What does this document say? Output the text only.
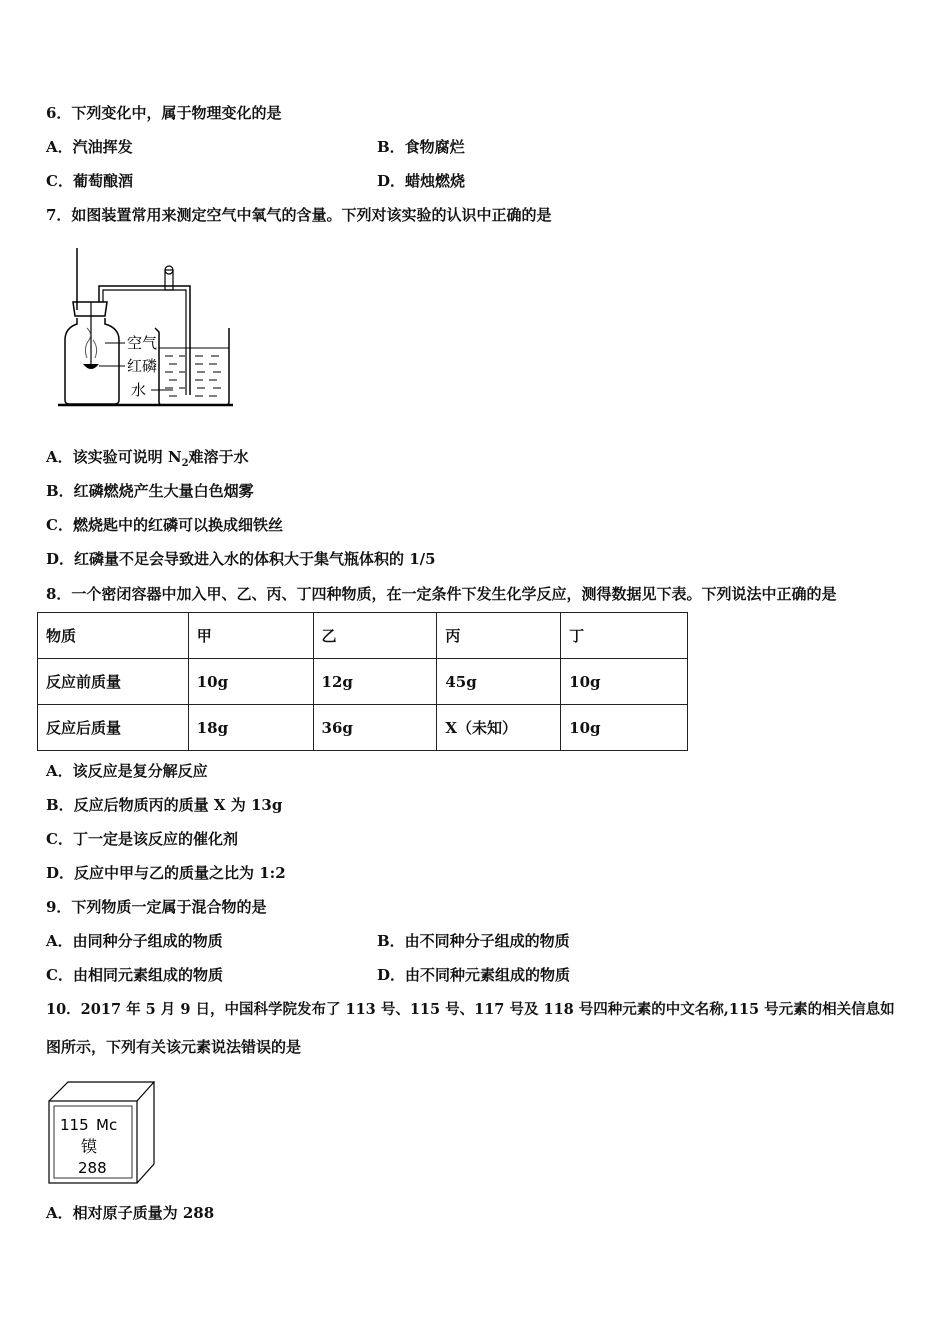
6．下列变化中，属于物理变化的是
A．汽油挥发	B．食物腐烂
C．葡萄酿酒	D．蜡烛燃烧
7．如图装置常用来测定空气中氧气的含量。下列对该实验的认识中正确的是
空气
红磷
水
A．该实验可说明 $N_2$难溶于水
B．红磷燃烧产生大量白色烟雾
C．燃烧匙中的红磷可以换成细铁丝
D．红磷量不足会导致进入水的体积大于集气瓶体积的 1/5
8．一个密闭容器中加入甲、乙、丙、丁四种物质，在一定条件下发生化学反应，测得数据见下表。下列说法中正确的是
物质	甲	乙	丙	丁
反应前质量	10g	12g	45g	10g
反应后质量	18g	36g	X（未知）	10g
A．该反应是复分解反应
B．反应后物质丙的质量 X 为 13g
C．丁一定是该反应的催化剂
D．反应中甲与乙的质量之比为 1:2
9．下列物质一定属于混合物的是
A．由同种分子组成的物质	B．由不同种分子组成的物质
C．由相同元素组成的物质	D．由不同种元素组成的物质
10．2017 年 5 月 9 日，中国科学院发布了 113 号、115 号、117 号及 118 号四种元素的中文名称,115 号元素的相关信息如
图所示，下列有关该元素说法错误的是
115 Mc
镆
288
A．相对原子质量为 288
